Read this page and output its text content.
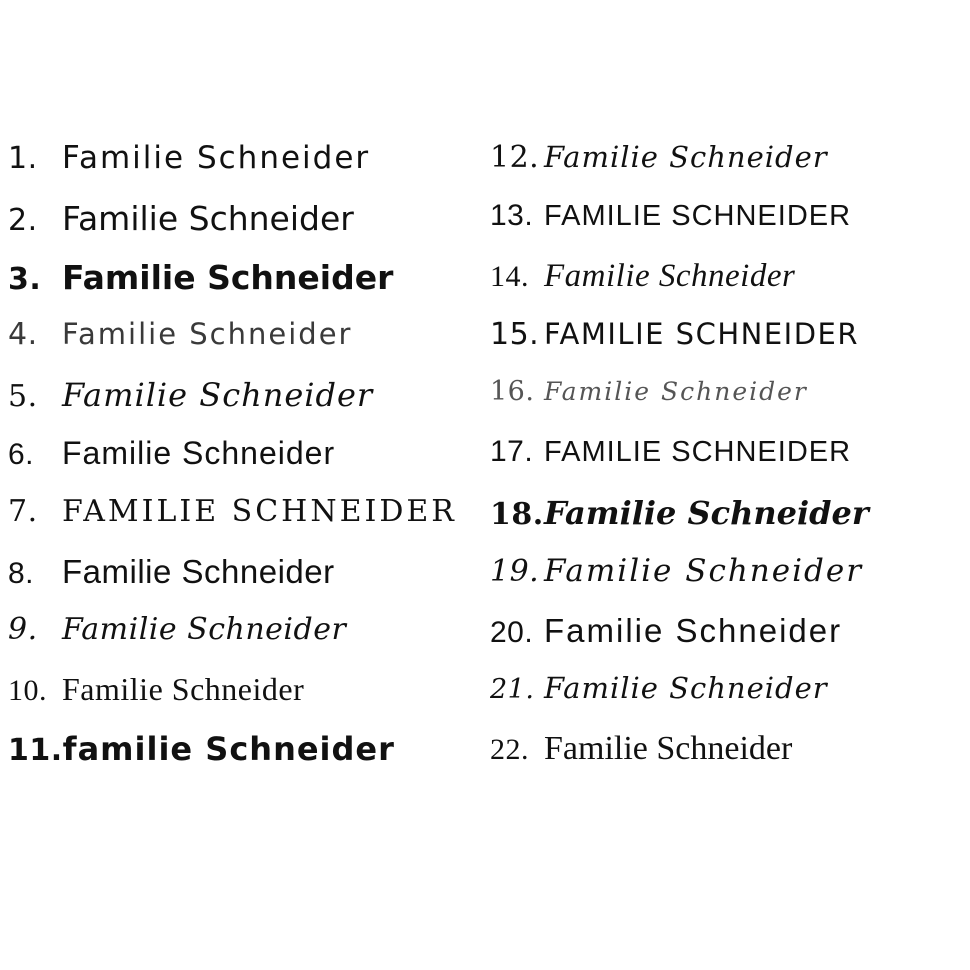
1. Familie Schneider
2. Familie Schneider
3. Familie Schneider
4. Familie Schneider
5. Familie Schneider
6. Familie Schneider
7. FAMILIE SCHNEIDER
8. Familie Schneider
9. Familie Schneider
10. Familie Schneider
11. familie Schneider
12. Familie Schneider
13. FAMILIE SCHNEIDER
14. Familie Schneider
15. FAMILIE SCHNEIDER
16. Familie Schneider
17. FAMILIE SCHNEIDER
18. Familie Schneider
19. Familie Schneider
20. Familie Schneider
21. Familie Schneider
22. Familie Schneider
